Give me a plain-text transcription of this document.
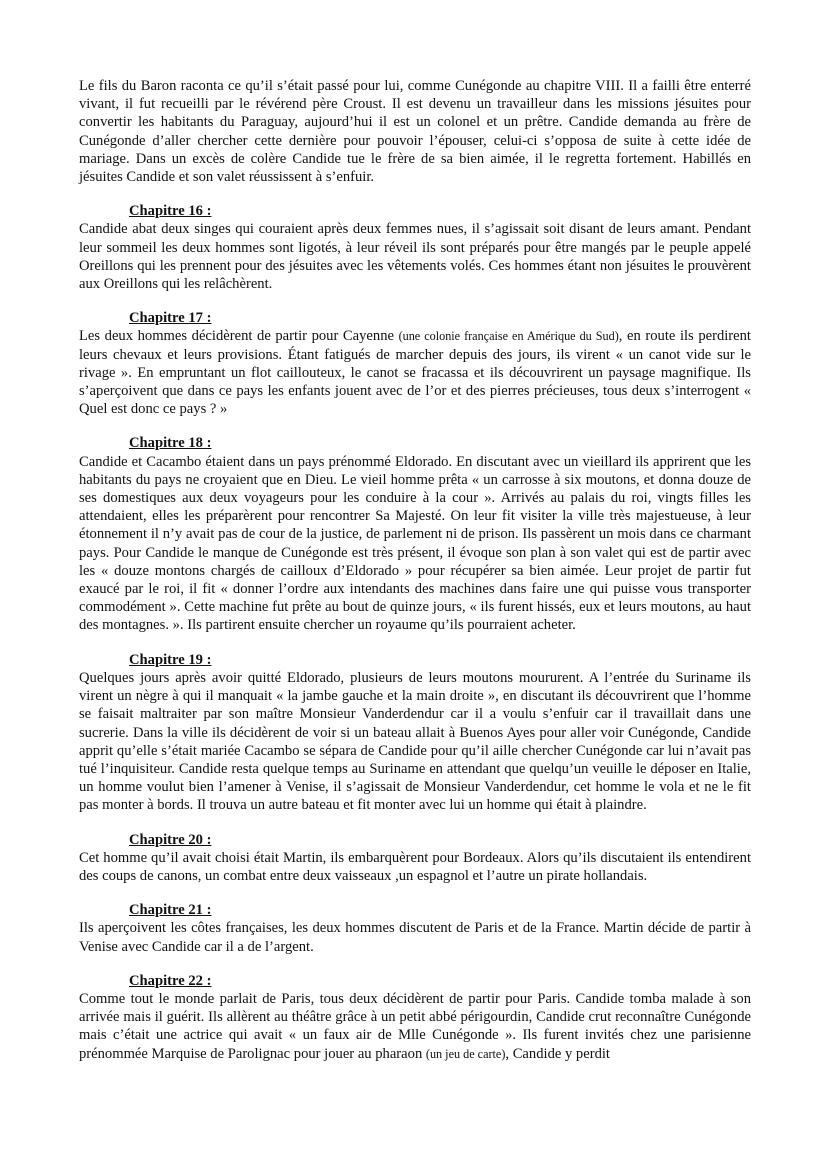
Le fils du Baron raconta ce qu’il s’était passé pour lui, comme Cunégonde au chapitre VIII. Il a failli être enterré vivant, il fut recueilli par le révérend père Croust. Il est devenu un travailleur dans les missions jésuites pour convertir les habitants du Paraguay, aujourd’hui il est un colonel et un prêtre. Candide demanda au frère de Cunégonde d’aller chercher cette dernière pour pouvoir l’épouser, celui-ci s’opposa de suite à cette idée de mariage. Dans un excès de colère Candide tue le frère de sa bien aimée, il le regretta fortement. Habillés en jésuites Candide et son valet réussissent à s’enfuir.

Chapitre 16 :

Candide abat deux singes qui couraient après deux femmes nues, il s’agissait soit disant de leurs amant. Pendant leur sommeil les deux hommes sont ligotés, à leur réveil ils sont préparés pour être mangés par le peuple appelé Oreillons qui les prennent pour des jésuites avec les vêtements volés. Ces hommes étant non jésuites le prouvèrent aux Oreillons qui les relâchèrent.

Chapitre 17 :

Les deux hommes décidèrent de partir pour Cayenne (une colonie française en Amérique du Sud), en route ils perdirent leurs chevaux et leurs provisions. Étant fatigués de marcher depuis des jours, ils virent « un canot vide sur le rivage ». En empruntant un flot caillouteux, le canot se fracassa et ils découvrirent un paysage magnifique. Ils s’aperçoivent que dans ce pays les enfants jouent avec de l’or et des pierres précieuses, tous deux s’interrogent « Quel est donc ce pays ? »

Chapitre 18 :

Candide et Cacambo étaient dans un pays prénommé Eldorado. En discutant avec un vieillard ils apprirent que les habitants du pays ne croyaient que en Dieu. Le vieil homme prêta « un carrosse à six moutons, et donna douze de ses domestiques aux deux voyageurs pour les conduire à la cour ». Arrivés au palais du roi, vingts filles les attendaient, elles les préparèrent pour rencontrer Sa Majesté. On leur fit visiter la ville très majestueuse, à leur étonnement il n’y avait pas de cour de la justice, de parlement ni de prison. Ils passèrent un mois dans ce charmant pays. Pour Candide le manque de Cunégonde est très présent, il évoque son plan à son valet qui est de partir avec les « douze montons chargés de cailloux d’Eldorado » pour récupérer sa bien aimée. Leur projet de partir fut exaucé par le roi, il fit « donner l’ordre aux intendants des machines dans faire une qui puisse vous transporter commodément ». Cette machine fut prête au bout de quinze jours, « ils furent hissés, eux et leurs moutons, au haut des montagnes. ». Ils partirent ensuite chercher un royaume qu’ils pourraient acheter.

Chapitre 19 :

Quelques jours après avoir quitté Eldorado, plusieurs de leurs moutons moururent. A l’entrée du Suriname ils virent un nègre à qui il manquait « la jambe gauche et la main droite », en discutant ils découvrirent que l’homme se faisait maltraiter par son maître Monsieur Vanderdendur car il a voulu s’enfuir car il travaillait dans une sucrerie. Dans la ville ils décidèrent de voir si un bateau allait à Buenos Ayes pour aller voir Cunégonde, Candide apprit qu’elle s’était mariée Cacambo se sépara de Candide pour qu’il aille chercher Cunégonde car lui n’avait pas tué l’inquisiteur. Candide resta quelque temps au Suriname en attendant que quelqu’un veuille le déposer en Italie, un homme voulut bien l’amener à Venise, il s’agissait de Monsieur Vanderdendur, cet homme le vola et ne le fit pas monter à bords. Il trouva un autre bateau et fit monter avec lui un homme qui était à plaindre.

Chapitre 20 :

Cet homme qu’il avait choisi était Martin, ils embarquèrent pour Bordeaux. Alors qu’ils discutaient ils entendirent des coups de canons, un combat entre deux vaisseaux ,un espagnol et l’autre un pirate hollandais.

Chapitre 21 :

Ils aperçoivent les côtes françaises, les deux hommes discutent de Paris et de la France. Martin décide de partir à Venise avec Candide car il a de l’argent.

Chapitre 22 :

Comme tout le monde parlait de Paris, tous deux décidèrent de partir pour Paris. Candide tomba malade à son arrivée mais il guérit. Ils allèrent au théâtre grâce à un petit abbé périgourdin, Candide crut reconnaître Cunégonde mais c’était une actrice qui avait « un faux air de Mlle Cunégonde ». Ils furent invités chez une parisienne prénommée Marquise de Parolignac pour jouer au pharaon (un jeu de carte), Candide y perdit
